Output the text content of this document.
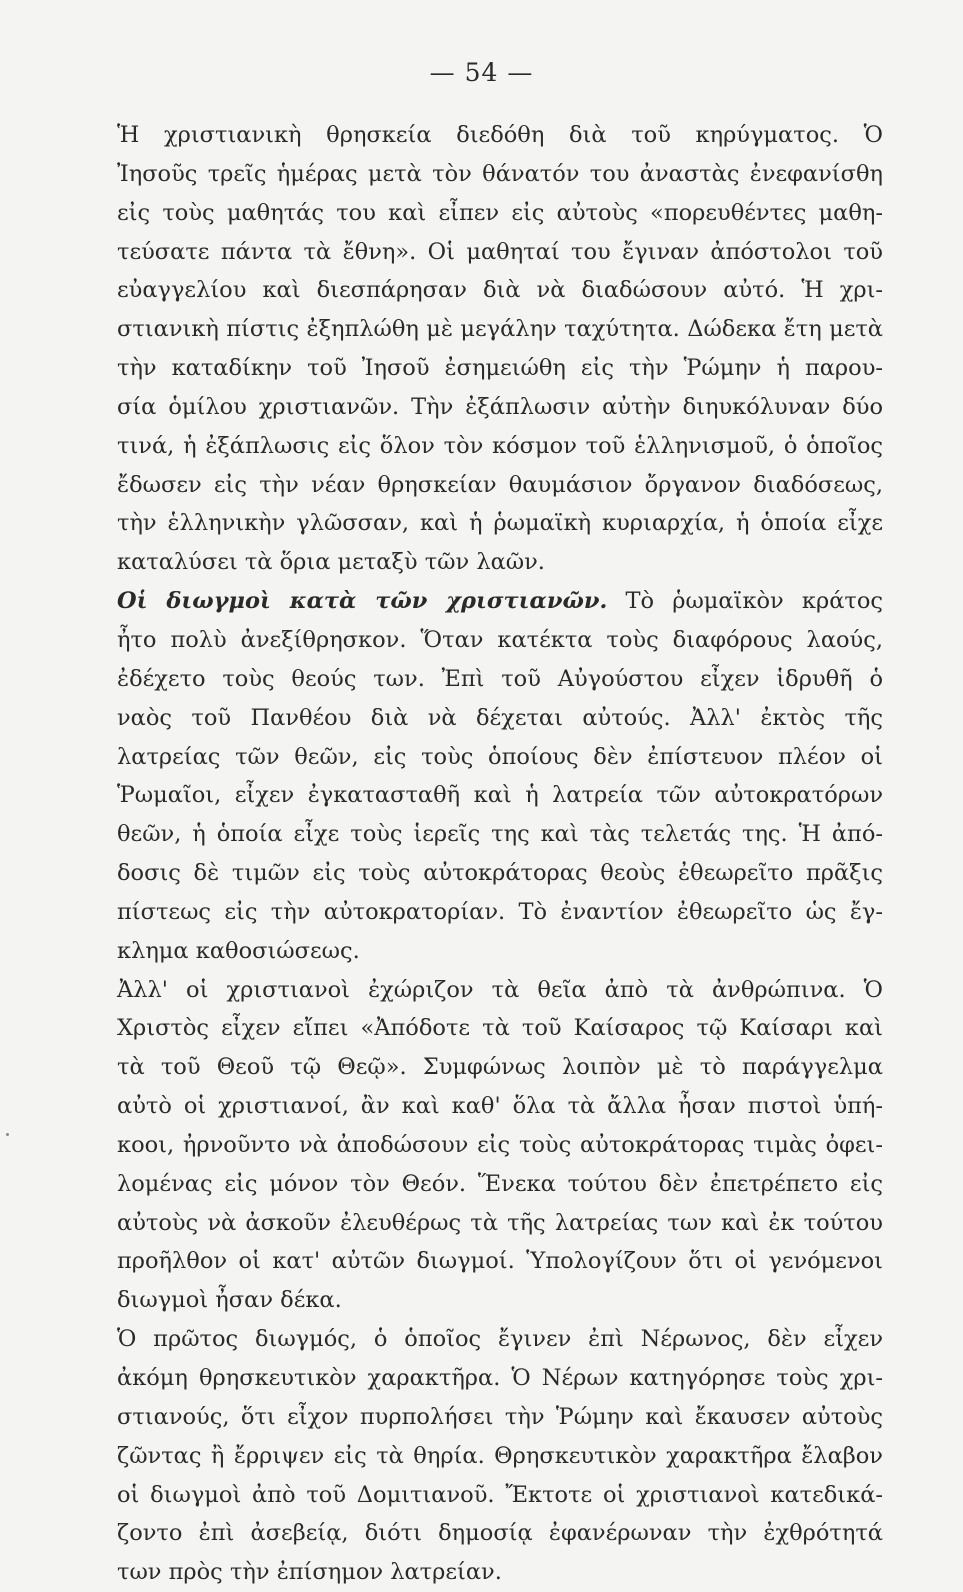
— 54 —
Ἡ χριστιανικὴ θρησκεία διεδόθη διὰ τοῦ κηρύγματος. Ὁ
Ἰησοῦς τρεῖς ἡμέρας μετὰ τὸν θάνατόν του ἀναστὰς ἐνεφανίσθη
εἰς τοὺς μαθητάς του καὶ εἶπεν εἰς αὐτοὺς «πορευθέντες μαθη-
τεύσατε πάντα τὰ ἔθνη». Οἱ μαθηταί του ἔγιναν ἀπόστολοι τοῦ
εὐαγγελίου καὶ διεσπάρησαν διὰ νὰ διαδώσουν αὐτό. Ἡ χρι-
στιανικὴ πίστις ἐξηπλώθη μὲ μεγάλην ταχύτητα. Δώδεκα ἔτη μετὰ
τὴν καταδίκην τοῦ Ἰησοῦ ἐσημειώθη εἰς τὴν Ῥώμην ἡ παρου-
σία ὁμίλου χριστιανῶν. Τὴν ἐξάπλωσιν αὐτὴν διηυκόλυναν δύο
τινά, ἡ ἐξάπλωσις εἰς ὅλον τὸν κόσμον τοῦ ἑλληνισμοῦ, ὁ ὁποῖος
ἔδωσεν εἰς τὴν νέαν θρησκείαν θαυμάσιον ὄργανον διαδόσεως,
τὴν ἑλληνικὴν γλῶσσαν, καὶ ἡ ῥωμαϊκὴ κυριαρχία, ἡ ὁποία εἶχε
καταλύσει τὰ ὅρια μεταξὺ τῶν λαῶν.
Οἱ διωγμοὶ κατὰ τῶν χριστιανῶν. Τὸ ῥωμαϊκὸν κράτος
ἦτο πολὺ ἀνεξίθρησκον. Ὅταν κατέκτα τοὺς διαφόρους λαούς,
ἐδέχετο τοὺς θεούς των. Ἐπὶ τοῦ Αὐγούστου εἶχεν ἱδρυθῆ ὁ
ναὸς τοῦ Πανθέου διὰ νὰ δέχεται αὐτούς. Ἀλλ' ἐκτὸς τῆς
λατρείας τῶν θεῶν, εἰς τοὺς ὁποίους δὲν ἐπίστευον πλέον οἱ
Ῥωμαῖοι, εἶχεν ἐγκατασταθῆ καὶ ἡ λατρεία τῶν αὐτοκρατόρων
θεῶν, ἡ ὁποία εἶχε τοὺς ἱερεῖς της καὶ τὰς τελετάς της. Ἡ ἀπό-
δοσις δὲ τιμῶν εἰς τοὺς αὐτοκράτορας θεοὺς ἐθεωρεῖτο πρᾶξις
πίστεως εἰς τὴν αὐτοκρατορίαν. Τὸ ἐναντίον ἐθεωρεῖτο ὡς ἔγ-
κλημα καθοσιώσεως.
Ἀλλ' οἱ χριστιανοὶ ἐχώριζον τὰ θεῖα ἀπὸ τὰ ἀνθρώπινα. Ὁ
Χριστὸς εἶχεν εἴπει «Ἀπόδοτε τὰ τοῦ Καίσαρος τῷ Καίσαρι καὶ
τὰ τοῦ Θεοῦ τῷ Θεῷ». Συμφώνως λοιπὸν μὲ τὸ παράγγελμα
αὐτὸ οἱ χριστιανοί, ἂν καὶ καθ' ὅλα τὰ ἄλλα ἦσαν πιστοὶ ὑπή-
κοοι, ἠρνοῦντο νὰ ἀποδώσουν εἰς τοὺς αὐτοκράτορας τιμὰς ὀφει-
λομένας εἰς μόνον τὸν Θεόν. Ἕνεκα τούτου δὲν ἐπετρέπετο εἰς
αὐτοὺς νὰ ἀσκοῦν ἐλευθέρως τὰ τῆς λατρείας των καὶ ἐκ τούτου
προῆλθον οἱ κατ' αὐτῶν διωγμοί. Ὑπολογίζουν ὅτι οἱ γενόμενοι
διωγμοὶ ἦσαν δέκα.
Ὁ πρῶτος διωγμός, ὁ ὁποῖος ἔγινεν ἐπὶ Νέρωνος, δὲν εἶχεν
ἀκόμη θρησκευτικὸν χαρακτῆρα. Ὁ Νέρων κατηγόρησε τοὺς χρι-
στιανούς, ὅτι εἶχον πυρπολήσει τὴν Ῥώμην καὶ ἔκαυσεν αὐτοὺς
ζῶντας ἢ ἔρριψεν εἰς τὰ θηρία. Θρησκευτικὸν χαρακτῆρα ἔλαβον
οἱ διωγμοὶ ἀπὸ τοῦ Δομιτιανοῦ. Ἔκτοτε οἱ χριστιανοὶ κατεδικά-
ζοντο ἐπὶ ἀσεβείᾳ, διότι δημοσίᾳ ἐφανέρωναν τὴν ἐχθρότητά
των πρὸς τὴν ἐπίσημον λατρείαν.
